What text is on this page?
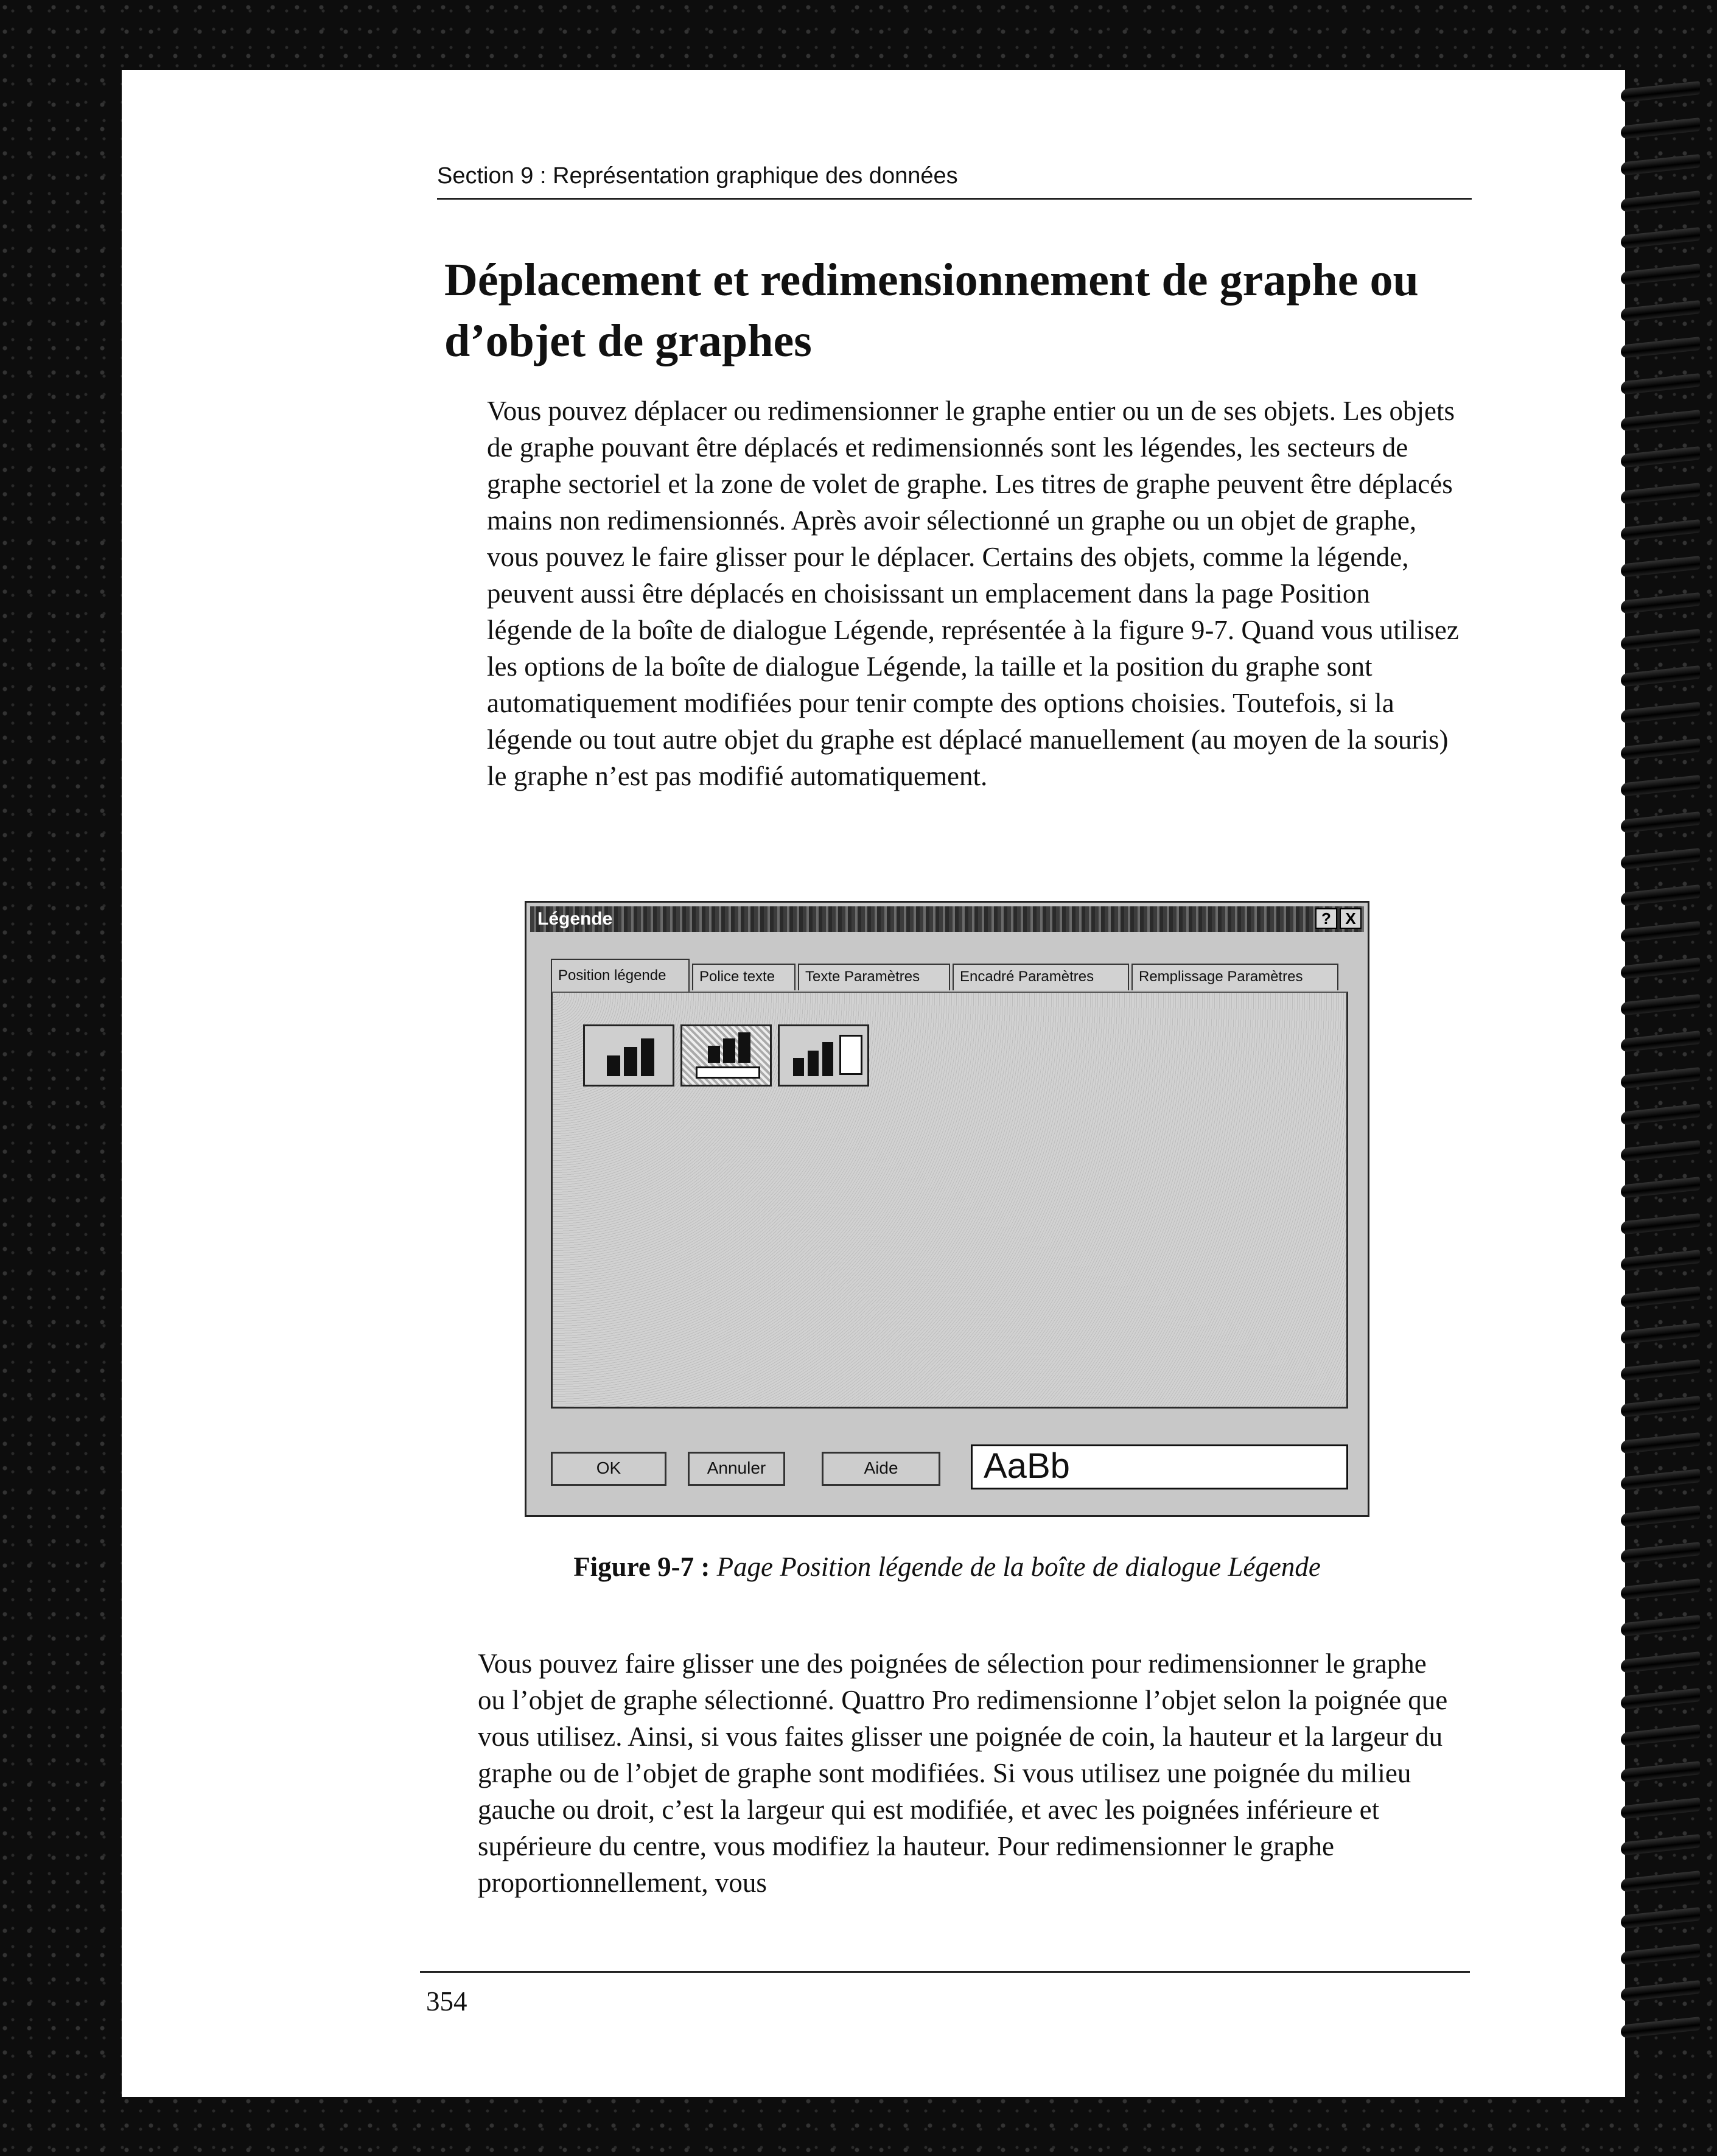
Section 9 : Représentation graphique des données
Déplacement et redimensionnement de graphe ou d’objet de graphes

Vous pouvez déplacer ou redimensionner le graphe entier ou un de ses objets. Les objets de graphe pouvant être déplacés et redimensionnés sont les légendes, les secteurs de graphe sectoriel et la zone de volet de graphe. Les titres de graphe peuvent être déplacés mains non redimensionnés. Après avoir sélectionné un graphe ou un objet de graphe, vous pouvez le faire glisser pour le déplacer. Certains des objets, comme la légende, peuvent aussi être déplacés en choisissant un emplacement dans la page Position légende de la boîte de dialogue Légende, représentée à la figure 9-7. Quand vous utilisez les options de la boîte de dialogue Légende, la taille et la position du graphe sont automatiquement modifiées pour tenir compte des options choisies. Toutefois, si la légende ou tout autre objet du graphe est déplacé manuellement (au moyen de la souris) le graphe n’est pas modifié automatiquement.

Légende	? X
Position légende	Police texte	Texte Paramètres	Encadré Paramètres	Remplissage Paramètres
OK	Annuler	Aide	AaBb

Figure 9-7 : Page Position légende de la boîte de dialogue Légende

Vous pouvez faire glisser une des poignées de sélection pour redimensionner le graphe ou l’objet de graphe sélectionné. Quattro Pro redimensionne l’objet selon la poignée que vous utilisez. Ainsi, si vous faites glisser une poignée de coin, la hauteur et la largeur du graphe ou de l’objet de graphe sont modifiées. Si vous utilisez une poignée du milieu gauche ou droit, c’est la largeur qui est modifiée, et avec les poignées inférieure et supérieure du centre, vous modifiez la hauteur. Pour redimensionner le graphe proportionnellement, vous

354
